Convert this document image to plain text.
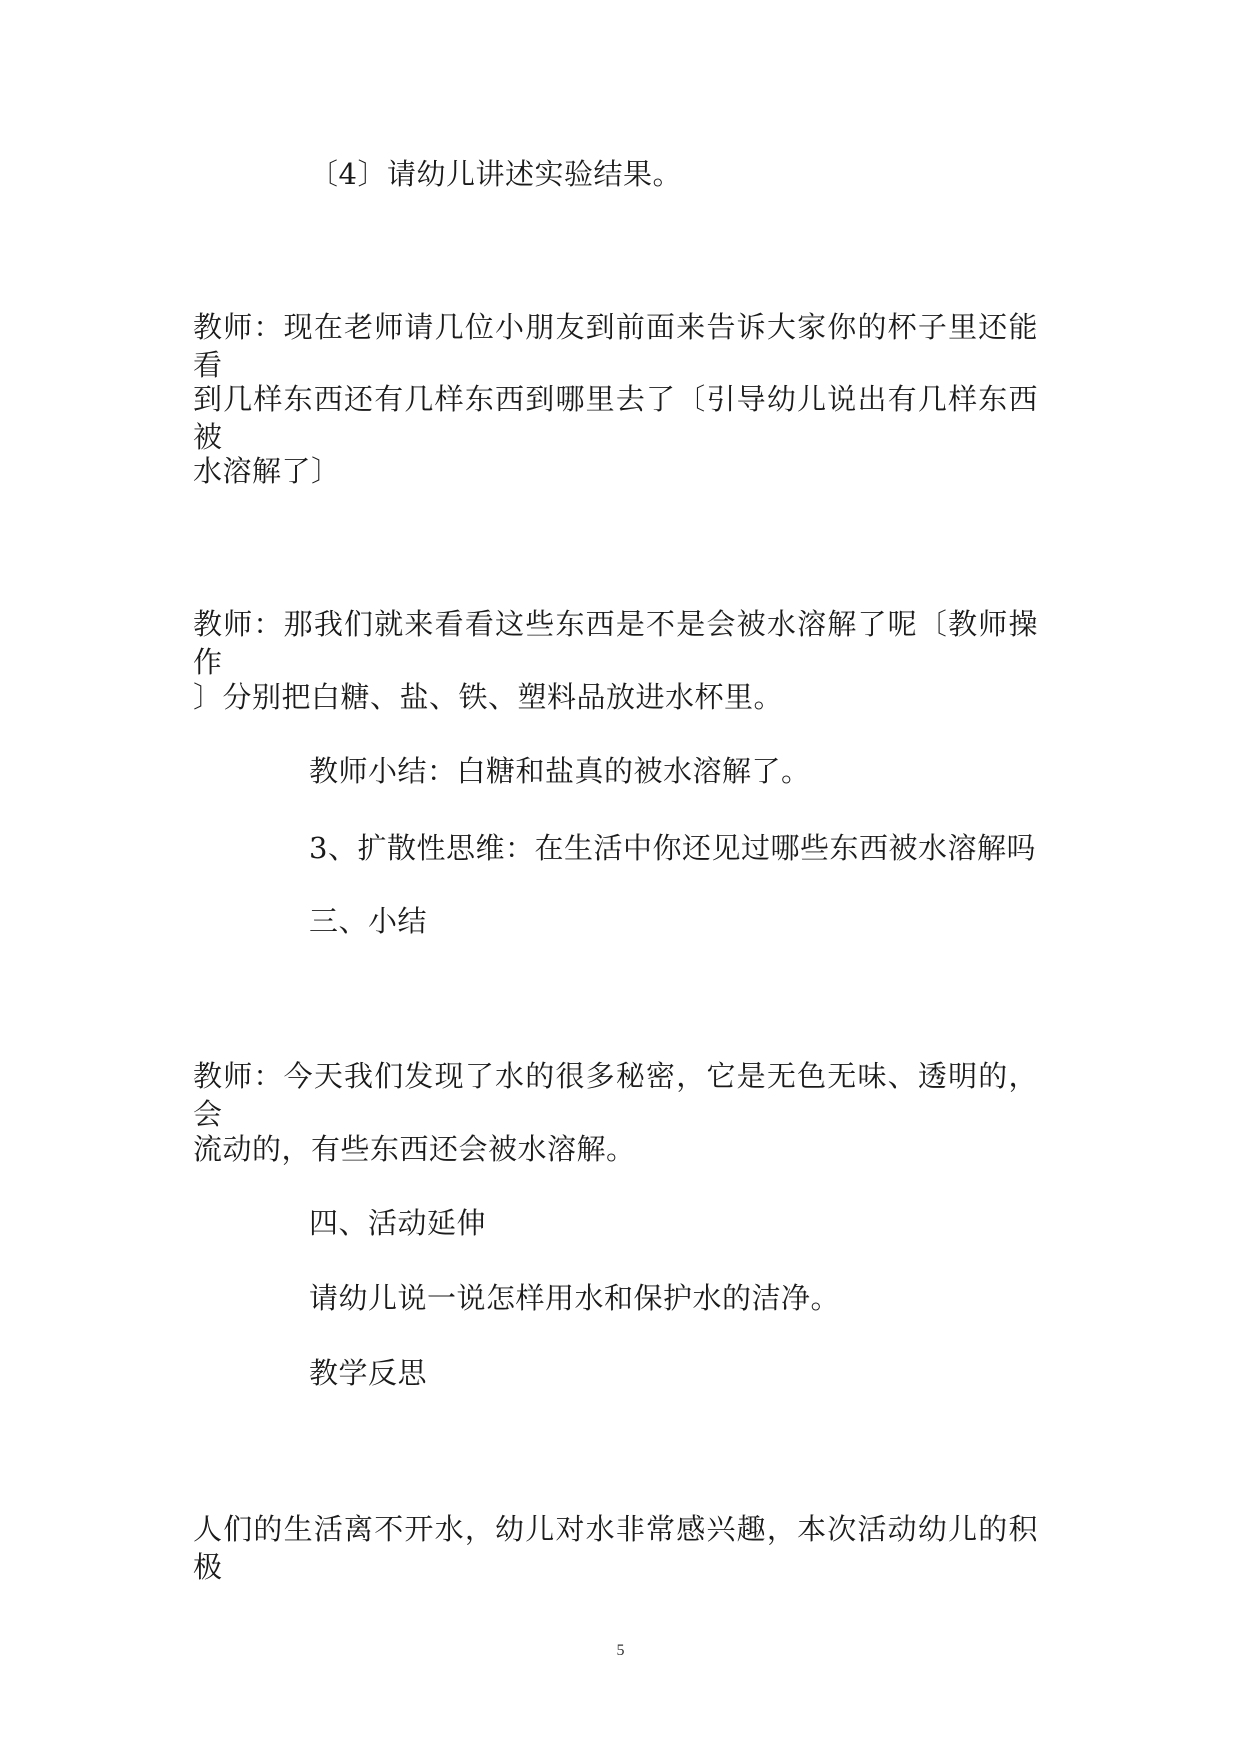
〔4〕请幼儿讲述实验结果。
教师：现在老师请几位小朋友到前面来告诉大家你的杯子里还能看
到几样东西还有几样东西到哪里去了〔引导幼儿说出有几样东西被
水溶解了〕
教师：那我们就来看看这些东西是不是会被水溶解了呢〔教师操作
〕分别把白糖、盐、铁、塑料品放进水杯里。
教师小结：白糖和盐真的被水溶解了。
3、扩散性思维：在生活中你还见过哪些东西被水溶解吗
三、小结
教师：今天我们发现了水的很多秘密，它是无色无味、透明的，会
流动的，有些东西还会被水溶解。
四、活动延伸
请幼儿说一说怎样用水和保护水的洁净。
教学反思
人们的生活离不开水，幼儿对水非常感兴趣，本次活动幼儿的积极
5
